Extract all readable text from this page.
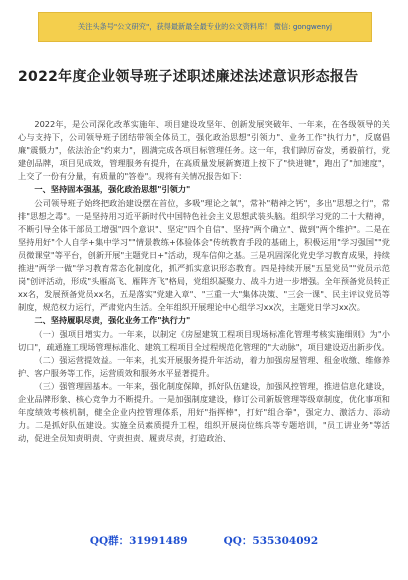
关注头条号"公文研究"，获得最新最全最专业的公文资料库！ 微信: gongwenyj
2022年度企业领导班子述职述廉述法述意识形态报告

2022年，是公司深化改革实施年、项目建设攻坚年、创新发展突破年、一年来，在各级领导的关心与支持下，公司领导班子团结带领全体员工，强化政治思想"引领力"、业务工作"执行力"，反腐倡廉"震慑力"，依法治企"约束力"，圆满完成各项目标管理任务。这一年，我们踔厉奋发，勇毅前行，党建创品牌，项目见成效，管理服务有提升，在高质量发展新赛道上按下了"快进键"，跑出了"加速度"，上交了一份有分量，有质量的"答卷"。现将有关情况报告如下：

一、坚持固本强基，强化政治思想"引领力"

公司领导班子始终把政治建设摆在首位，多吸"理论之氧"，常补"精神之钙"，多出"思想之行"，常排"思想之毒"。一是坚持用习近平新时代中国特色社会主义思想武装头脑。组织学习党的二十大精神，不断引导全体干部员工增强"四个意识"、坚定"四个自信"、坚持"两个确立"、做到"两个维护"。二是在坚持用好"个人自学+集中学习""情景教练+体验体会"传统教育手段的基础上，积极运用"学习强国""党员微课堂"等平台，创新开展"主题党日+"活动，现车信仰之基。三是巩固深化党史学习教育成果，持续推进"两学一做"学习教育常态化制度化，抓严抓实意识形态教育。四是持续开展"五星党员""党员示范岗"创评活动，形成"头雁高飞、雁阵齐飞"格局，党组织凝聚力、战斗力进一步增强。全年预备党员转正xx名，发展预备党员xx名，五是落实"党建入章"、"三重一大"集体决策、"三会一课"、民主评议党员等制度，规范权力运行，严肃党内生活。全年组织开展理论中心组学习xx次，主题党日学习xx次。

二、坚持履职尽责，强化业务工作"执行力"

（一）强项目增实力。一年来，以制定《房屋建筑工程项目现场标准化管理考核实施细则》为"小切口"，疏通施工现场管理标准化、建筑工程项目全过程规范化管理的"大动脉"，项目建设迈出新步伐。

（二）强运营提效益。一年来，扎实开展服务提升年活动，着力加强房屋管理、租金收缴、维修养护、客户服务等工作，运营质效和服务水平显著提升。

（三）强管理固基本。一年来，强化制度保障，抓好队伍建设，加强风控管理，推进信息化建设，企业品牌形象、核心竞争力不断提升。一是加强制度建设，修订公司新版管理等级章制度，优化事项和年度绩效考核机制，健全企业内控管理体系，用好"指挥棒"，打好"组合拳"，强定力、激活力、添动力。二是抓好队伍建设。实施全员素质提升工程，组织开展岗位练兵等专题培训，"员工讲业务"等活动，促进全员知责明责、守责担责、履责尽责，打造政治、

QQ群：31991489	QQ：535304092
